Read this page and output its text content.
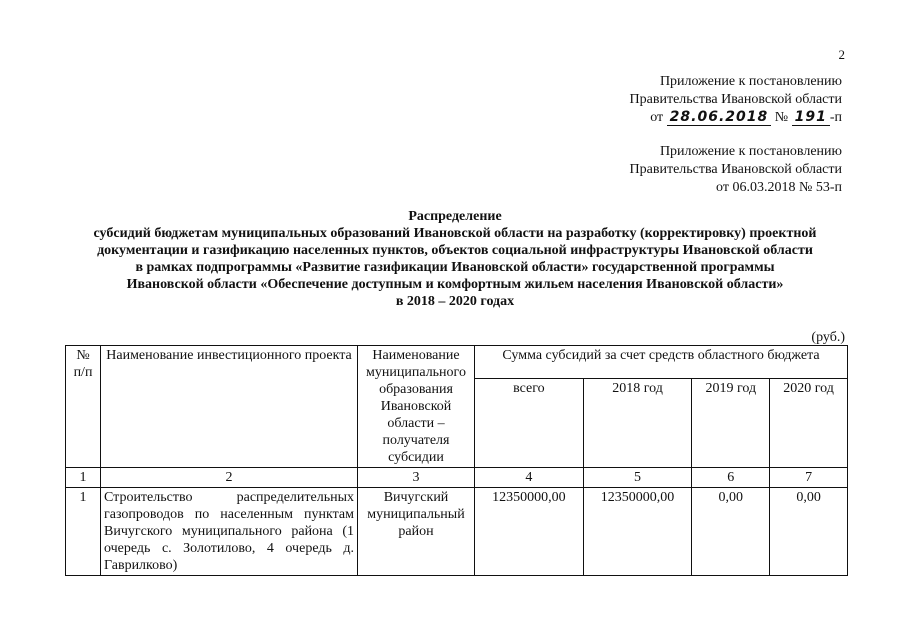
2
Приложение к постановлению
Правительства Ивановской области
от 28.06.2018 № 191 -п
Приложение к постановлению
Правительства Ивановской области
от 06.03.2018 № 53-п
Распределение
субсидий бюджетам муниципальных образований Ивановской области на разработку (корректировку) проектной
документации и газификацию населенных пунктов, объектов социальной инфраструктуры Ивановской области
в рамках подпрограммы «Развитие газификации Ивановской области» государственной программы
Ивановской области «Обеспечение доступным и комфортным жильем населения Ивановской области»
в 2018 – 2020 годах
(руб.)
№ п/п	Наименование инвестиционного проекта	Наименование муниципального образования Ивановской области – получателя субсидии	Сумма субсидий за счет средств областного бюджета			
			всего	2018 год	2019 год	2020 год
1	2	3	4	5	6	7
1	Строительство распределительных газопроводов по населенным пунктам Вичугского муниципального района (1 очередь с. Золотилово, 4 очередь д. Гаврилково)	Вичугский муниципальный район	12350000,00	12350000,00	0,00	0,00
